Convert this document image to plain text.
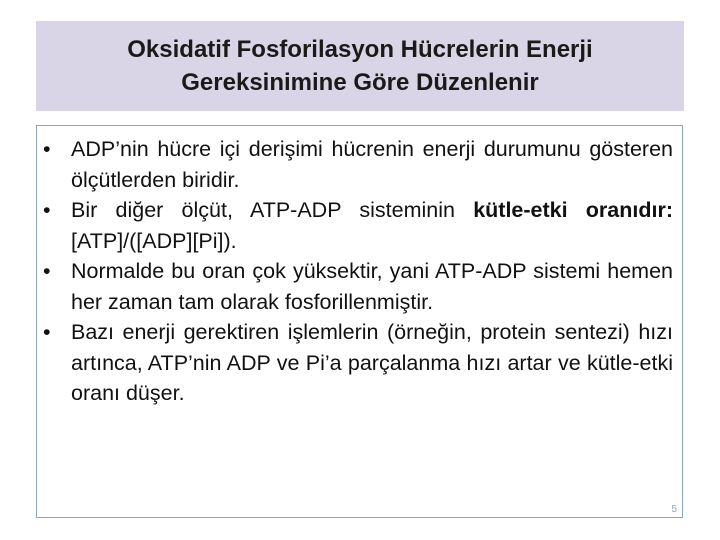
Oksidatif Fosforilasyon Hücrelerin Enerji
Gereksinimine Göre Düzenlenir
• ADP’nin hücre içi derişimi hücrenin enerji durumunu gösteren ölçütlerden biridir.
• Bir diğer ölçüt, ATP-ADP sisteminin kütle-etki oranıdır: [ATP]/([ADP][Pi]).
• Normalde bu oran çok yüksektir, yani ATP-ADP sistemi hemen her zaman tam olarak fosforillenmiştir.
• Bazı enerji gerektiren işlemlerin (örneğin, protein sentezi) hızı artınca, ATP’nin ADP ve Pi’a parçalanma hızı artar ve kütle-etki oranı düşer.
5
